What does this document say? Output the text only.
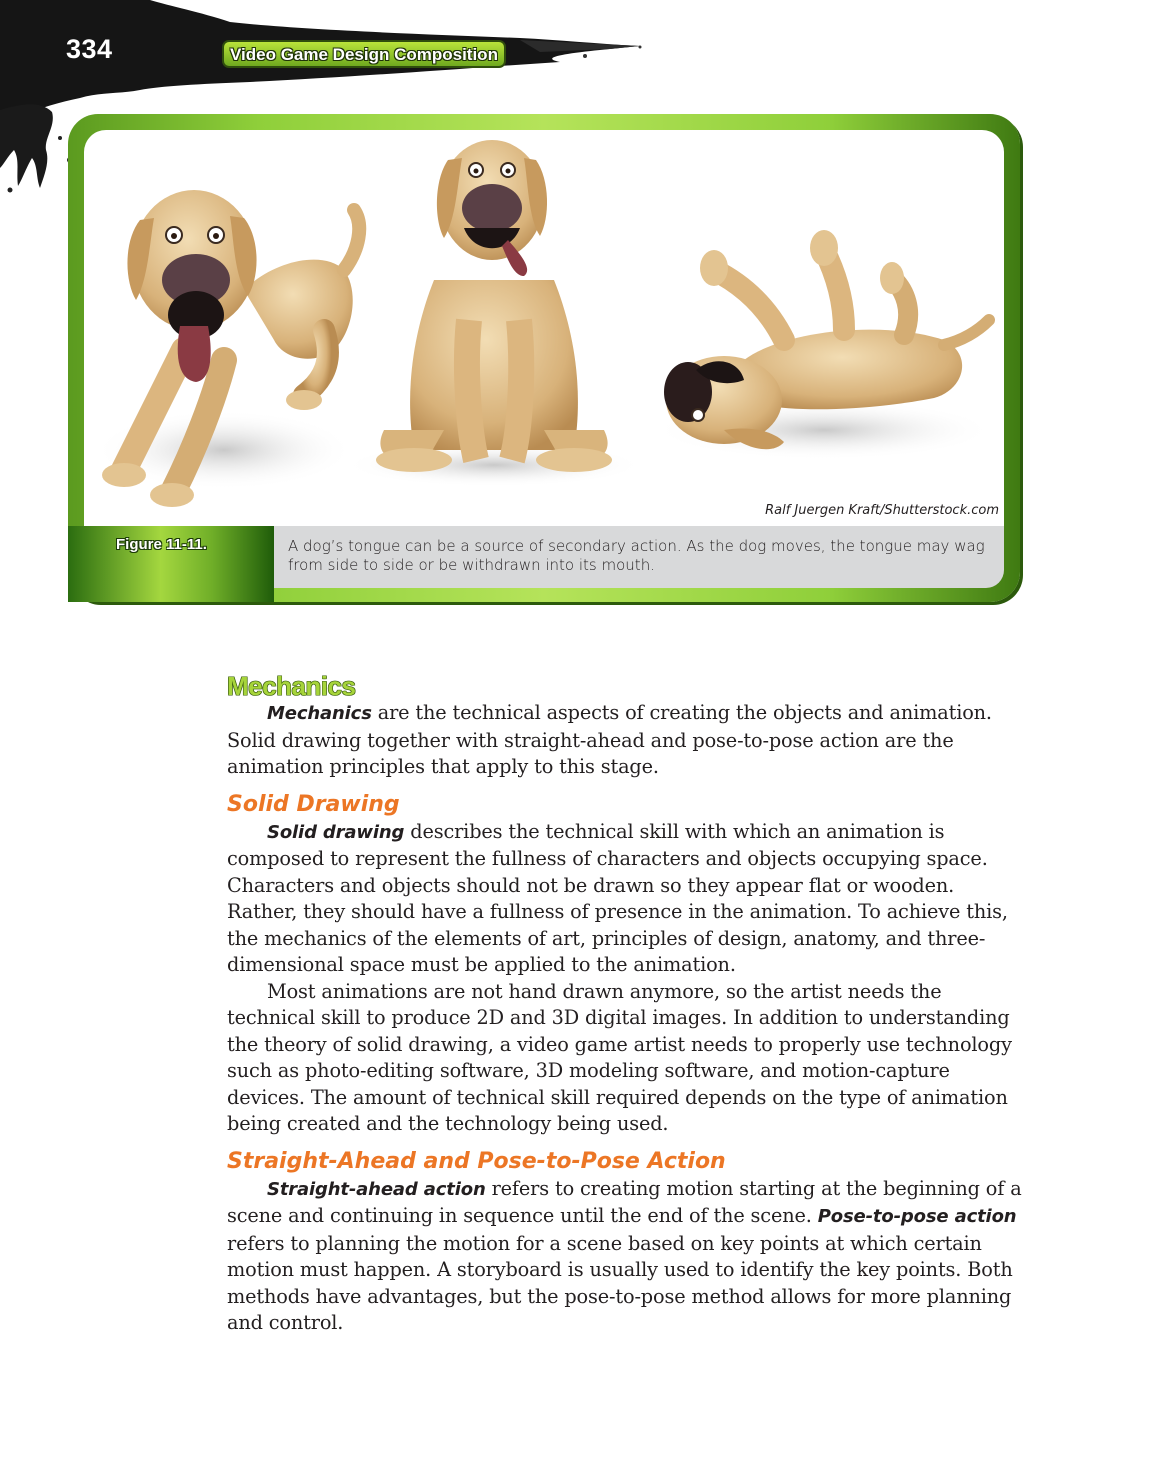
334	Video Game Design Composition
Ralf Juergen Kraft/Shutterstock.com
Figure 11-11.	A dog’s tongue can be a source of secondary action. As the dog moves, the tongue may wag from side to side or be withdrawn into its mouth.
Mechanics

Mechanics are the technical aspects of creating the objects and animation. Solid drawing together with straight-ahead and pose-to-pose action are the animation principles that apply to this stage.

Solid Drawing

Solid drawing describes the technical skill with which an animation is composed to represent the fullness of characters and objects occupying space. Characters and objects should not be drawn so they appear flat or wooden. Rather, they should have a fullness of presence in the animation. To achieve this, the mechanics of the elements of art, principles of design, anatomy, and three-dimensional space must be applied to the animation.

Most animations are not hand drawn anymore, so the artist needs the technical skill to produce 2D and 3D digital images. In addition to understanding the theory of solid drawing, a video game artist needs to properly use technology such as photo-editing software, 3D modeling software, and motion-capture devices. The amount of technical skill required depends on the type of animation being created and the technology being used.

Straight-Ahead and Pose-to-Pose Action

Straight-ahead action refers to creating motion starting at the beginning of a scene and continuing in sequence until the end of the scene. Pose-to-pose action refers to planning the motion for a scene based on key points at which certain motion must happen. A storyboard is usually used to identify the key points. Both methods have advantages, but the pose-to-pose method allows for more planning and control.
